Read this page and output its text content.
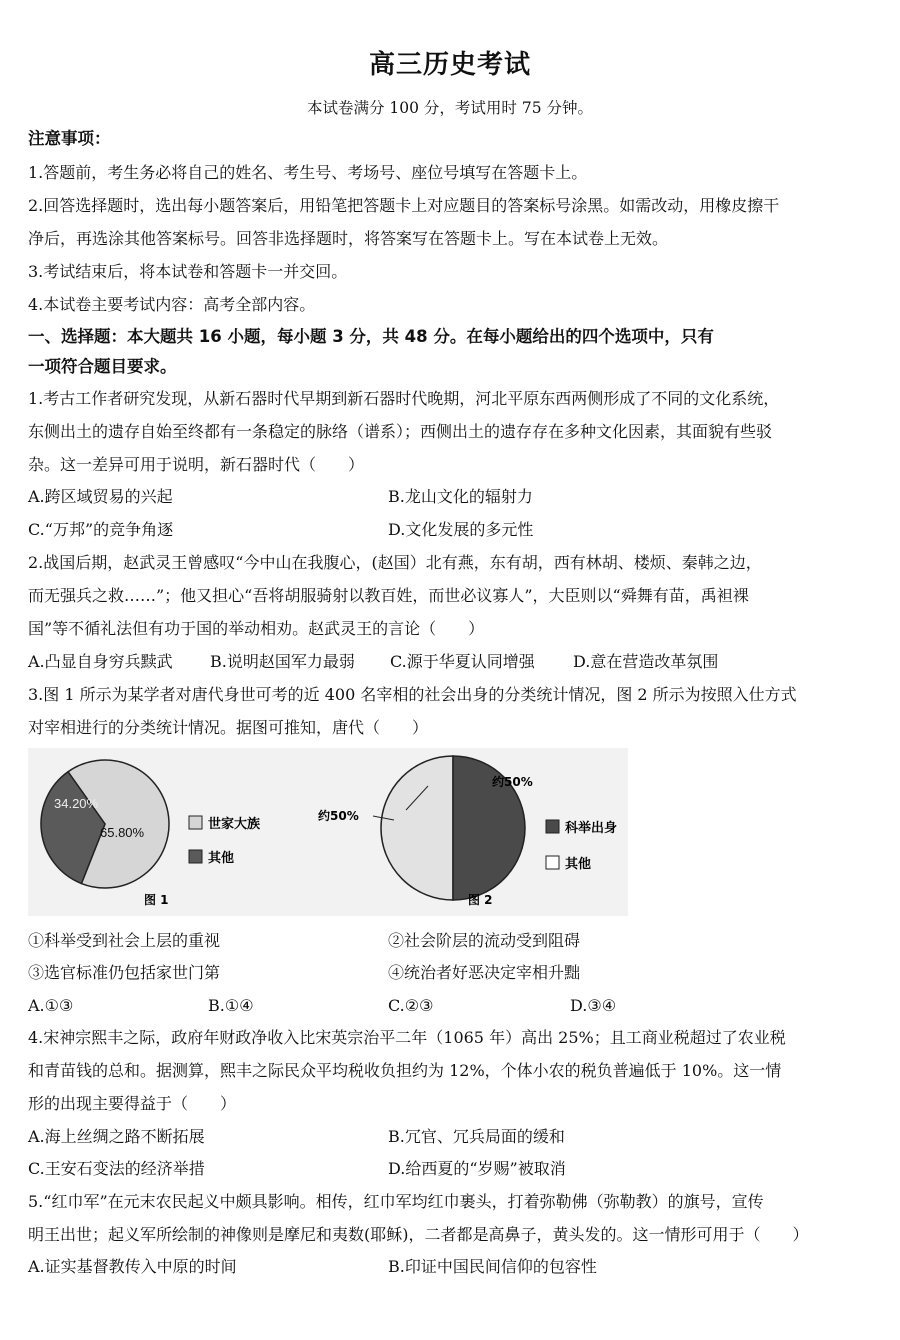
高三历史考试
本试卷满分 100 分，考试用时 75 分钟。
注意事项：
1.答题前，考生务必将自己的姓名、考生号、考场号、座位号填写在答题卡上。
2.回答选择题时，选出每小题答案后，用铅笔把答题卡上对应题目的答案标号涂黑。如需改动，用橡皮擦干
净后，再选涂其他答案标号。回答非选择题时，将答案写在答题卡上。写在本试卷上无效。
3.考试结束后，将本试卷和答题卡一并交回。
4.本试卷主要考试内容：高考全部内容。
一、选择题：本大题共 16 小题，每小题 3 分，共 48 分。在每小题给出的四个选项中，只有
一项符合题目要求。
1.考古工作者研究发现，从新石器时代早期到新石器时代晚期，河北平原东西两侧形成了不同的文化系统，
东侧出土的遗存自始至终都有一条稳定的脉络（谱系）；西侧出土的遗存存在多种文化因素，其面貌有些驳
杂。这一差异可用于说明，新石器时代（　　）
A.跨区域贸易的兴起	B.龙山文化的辐射力
C.“万邦”的竞争角逐	D.文化发展的多元性
2.战国后期，赵武灵王曾感叹“今中山在我腹心，(赵国）北有燕，东有胡，西有林胡、楼烦、秦韩之边，
而无强兵之救……”；他又担心“吾将胡服骑射以教百姓，而世必议寡人”，大臣则以“舜舞有苗，禹袒裸
国”等不循礼法但有功于国的举动相劝。赵武灵王的言论（　　）
A.凸显自身穷兵黩武 B.说明赵国军力最弱 C.源于华夏认同增强 D.意在营造改革氛围
3.图 1 所示为某学者对唐代身世可考的近 400 名宰相的社会出身的分类统计情况，图 2 所示为按照入仕方式
对宰相进行的分类统计情况。据图可推知，唐代（　　）
65.80%
34.20%
世家大族
其他
图 1
约50%
约50%
科举出身
其他
图 2
①科举受到社会上层的重视	②社会阶层的流动受到阻碍
③选官标准仍包括家世门第	④统治者好恶决定宰相升黜
A.①③	B.①④	C.②③	D.③④
4.宋神宗熙丰之际，政府年财政净收入比宋英宗治平二年（1065 年）高出 25%；且工商业税超过了农业税
和青苗钱的总和。据测算，熙丰之际民众平均税收负担约为 12%，个体小农的税负普遍低于 10%。这一情
形的出现主要得益于（　　）
A.海上丝绸之路不断拓展	B.冗官、冗兵局面的缓和
C.王安石变法的经济举措	D.给西夏的“岁赐”被取消
5.“红巾军”在元末农民起义中颇具影响。相传，红巾军均红巾裹头，打着弥勒佛（弥勒教）的旗号，宣传
明王出世；起义军所绘制的神像则是摩尼和夷数(耶稣)，二者都是高鼻子，黄头发的。这一情形可用于（　　）
A.证实基督教传入中原的时间	B.印证中国民间信仰的包容性
